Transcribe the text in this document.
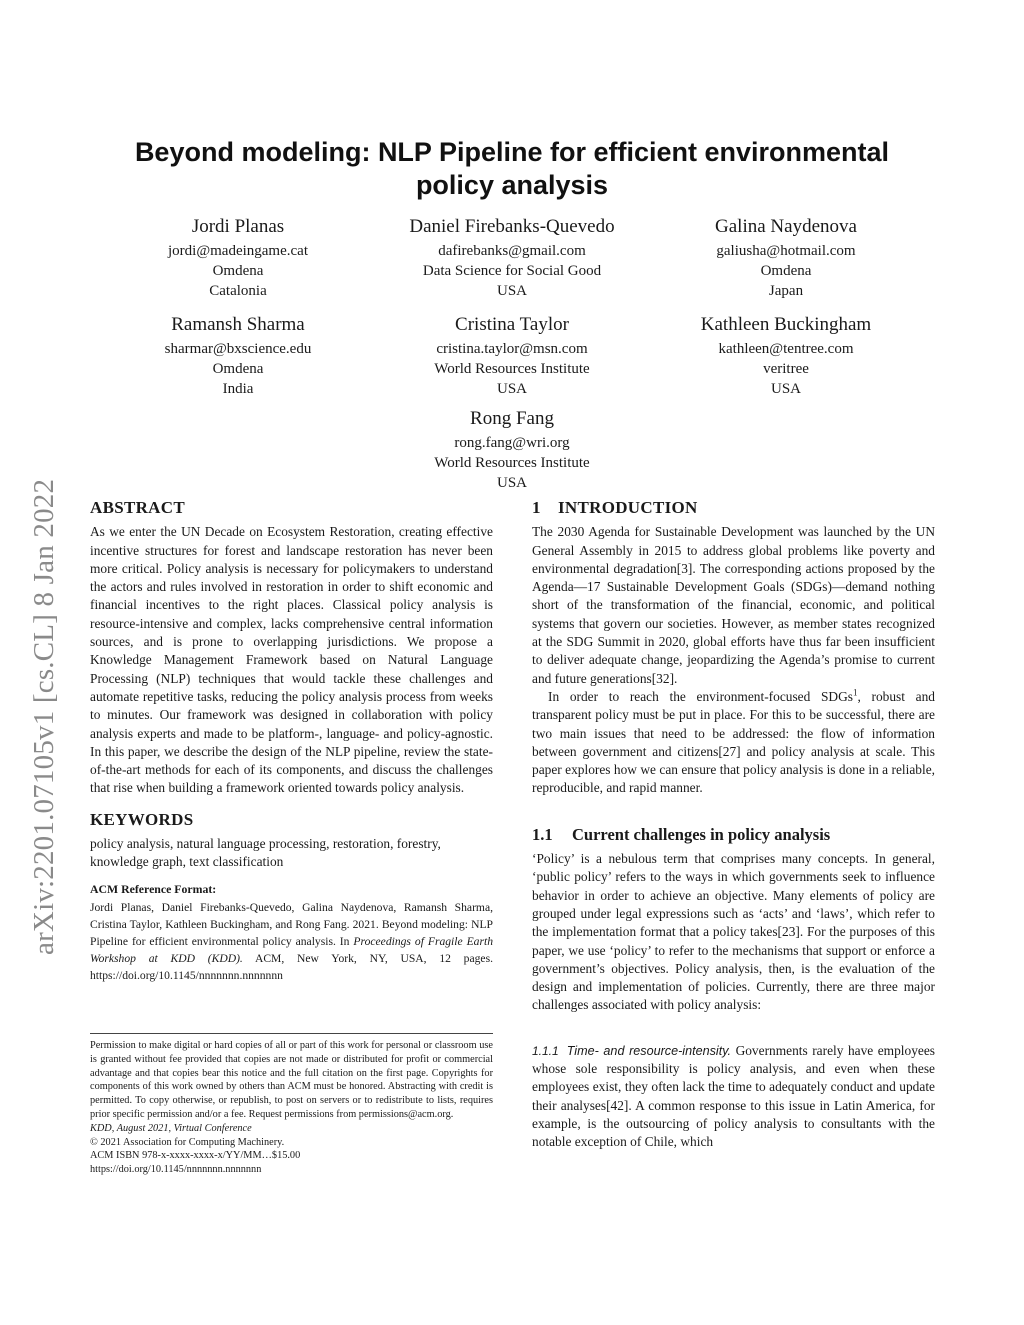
arXiv:2201.07105v1 [cs.CL] 8 Jan 2022
Beyond modeling: NLP Pipeline for efficient environmental
policy analysis
Jordi Planas
jordi@madeingame.cat
Omdena
Catalonia
Daniel Firebanks-Quevedo
dafirebanks@gmail.com
Data Science for Social Good
USA
Galina Naydenova
galiusha@hotmail.com
Omdena
Japan
Ramansh Sharma
sharmar@bxscience.edu
Omdena
India
Cristina Taylor
cristina.taylor@msn.com
World Resources Institute
USA
Kathleen Buckingham
kathleen@tentree.com
veritree
USA
Rong Fang
rong.fang@wri.org
World Resources Institute
USA
ABSTRACT

As we enter the UN Decade on Ecosystem Restoration, creating effective incentive structures for forest and landscape restoration has never been more critical. Policy analysis is necessary for policymakers to understand the actors and rules involved in restoration in order to shift economic and financial incentives to the right places. Classical policy analysis is resource-intensive and complex, lacks comprehensive central information sources, and is prone to overlapping jurisdictions. We propose a Knowledge Management Framework based on Natural Language Processing (NLP) techniques that would tackle these challenges and automate repetitive tasks, reducing the policy analysis process from weeks to minutes. Our framework was designed in collaboration with policy analysis experts and made to be platform-, language- and policy-agnostic. In this paper, we describe the design of the NLP pipeline, review the state-of-the-art methods for each of its components, and discuss the challenges that rise when building a framework oriented towards policy analysis.

KEYWORDS

policy analysis, natural language processing, restoration, forestry, knowledge graph, text classification

ACM Reference Format:
Jordi Planas, Daniel Firebanks-Quevedo, Galina Naydenova, Ramansh Sharma, Cristina Taylor, Kathleen Buckingham, and Rong Fang. 2021. Beyond modeling: NLP Pipeline for efficient environmental policy analysis. In Proceedings of Fragile Earth Workshop at KDD (KDD). ACM, New York, NY, USA, 12 pages. https://doi.org/10.1145/nnnnnnn.nnnnnnn

Permission to make digital or hard copies of all or part of this work for personal or classroom use is granted without fee provided that copies are not made or distributed for profit or commercial advantage and that copies bear this notice and the full citation on the first page. Copyrights for components of this work owned by others than ACM must be honored. Abstracting with credit is permitted. To copy otherwise, or republish, to post on servers or to redistribute to lists, requires prior specific permission and/or a fee. Request permissions from permissions@acm.org.

KDD, August 2021, Virtual Conference
© 2021 Association for Computing Machinery.
ACM ISBN 978-x-xxxx-xxxx-x/YY/MM…$15.00
https://doi.org/10.1145/nnnnnnn.nnnnnnn
1 INTRODUCTION

The 2030 Agenda for Sustainable Development was launched by the UN General Assembly in 2015 to address global problems like poverty and environmental degradation[3]. The corresponding actions proposed by the Agenda—17 Sustainable Development Goals (SDGs)—demand nothing short of the transformation of the financial, economic, and political systems that govern our societies. However, as member states recognized at the SDG Summit in 2020, global efforts have thus far been insufficient to deliver adequate change, jeopardizing the Agenda’s promise to current and future generations[32].

In order to reach the environment-focused SDGs$^1$, robust and transparent policy must be put in place. For this to be successful, there are two main issues that need to be addressed: the flow of information between government and citizens[27] and policy analysis at scale. This paper explores how we can ensure that policy analysis is done in a reliable, reproducible, and rapid manner.

1.1 Current challenges in policy analysis

‘Policy’ is a nebulous term that comprises many concepts. In general, ‘public policy’ refers to the ways in which governments seek to influence behavior in order to achieve an objective. Many elements of policy are grouped under legal expressions such as ‘acts’ and ‘laws’, which refer to the implementation format that a policy takes[23]. For the purposes of this paper, we use ‘policy’ to refer to the mechanisms that support or enforce a government’s objectives. Policy analysis, then, is the evaluation of the design and implementation of policies. Currently, there are three major challenges associated with policy analysis:

1.1.1 Time- and resource-intensity. Governments rarely have employees whose sole responsibility is policy analysis, and even when these employees exist, they often lack the time to adequately conduct and update their analyses[42]. A common response to this issue in Latin America, for example, is the outsourcing of policy analysis to consultants with the notable exception of Chile, which
